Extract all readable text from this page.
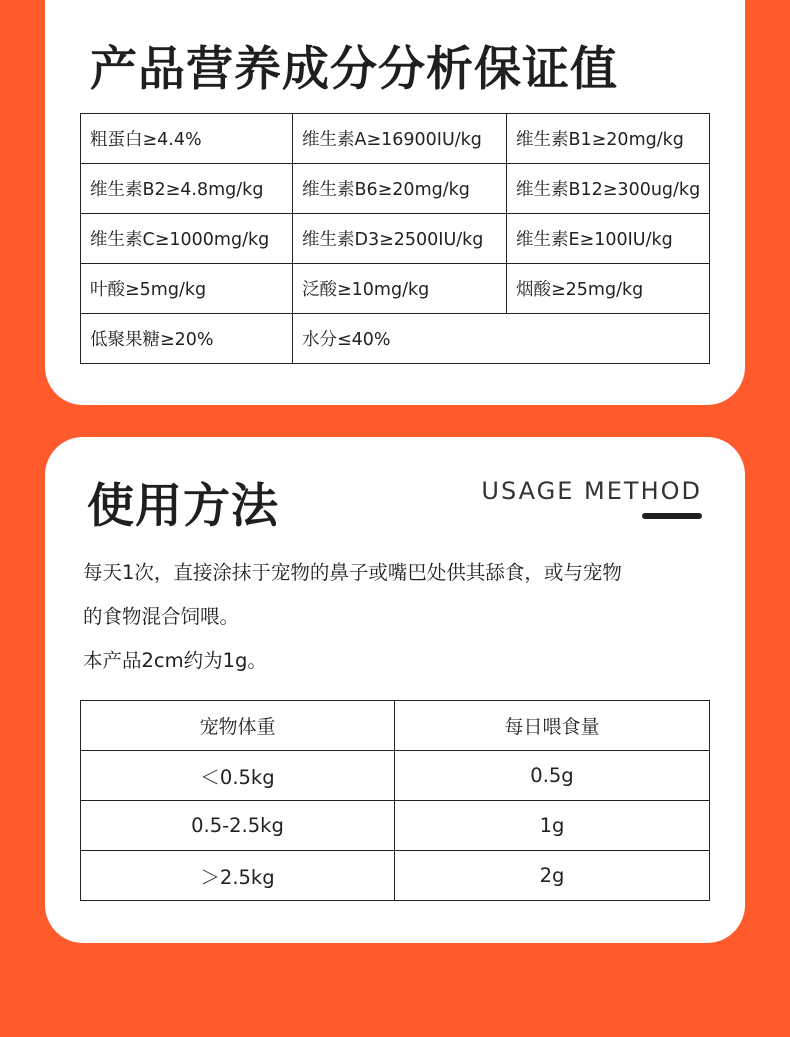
产品营养成分分析保证值
粗蛋白≥4.4%	维生素A≥16900IU/kg	维生素B1≥20mg/kg
维生素B2≥4.8mg/kg	维生素B6≥20mg/kg	维生素B12≥300ug/kg
维生素C≥1000mg/kg	维生素D3≥2500IU/kg	维生素E≥100IU/kg
叶酸≥5mg/kg	泛酸≥10mg/kg	烟酸≥25mg/kg
低聚果糖≥20%	水分≤40%	
使用方法	USAGE METHOD

每天1次，直接涂抹于宠物的鼻子或嘴巴处供其舔食，或与宠物

的食物混合饲喂。

本产品2cm约为1g。

宠物体重	每日喂食量
＜0.5kg	0.5g
0.5-2.5kg	1g
＞2.5kg	2g
